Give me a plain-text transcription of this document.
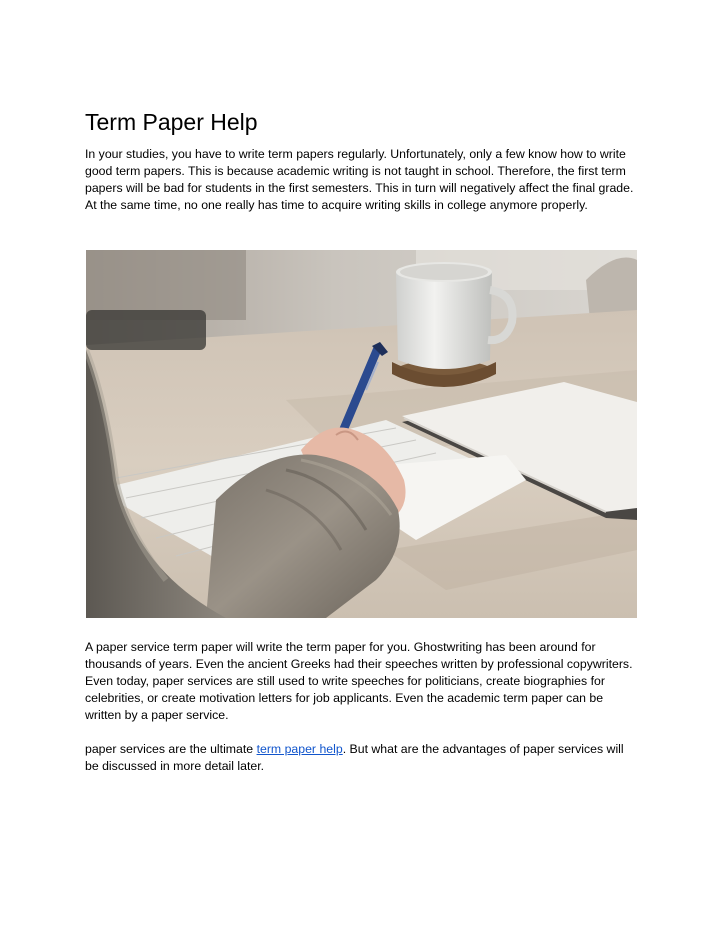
Term Paper Help

In your studies, you have to write term papers regularly. Unfortunately, only a few know how to write good term papers. This is because academic writing is not taught in school. Therefore, the first term papers will be bad for students in the first semesters. This in turn will negatively affect the final grade. At the same time, no one really has time to acquire writing skills in college anymore properly.

A paper service term paper will write the term paper for you. Ghostwriting has been around for thousands of years. Even the ancient Greeks had their speeches written by professional copywriters. Even today, paper services are still used to write speeches for politicians, create biographies for celebrities, or create motivation letters for job applicants. Even the academic term paper can be written by a paper service.

paper services are the ultimate term paper help. But what are the advantages of paper services will be discussed in more detail later.
